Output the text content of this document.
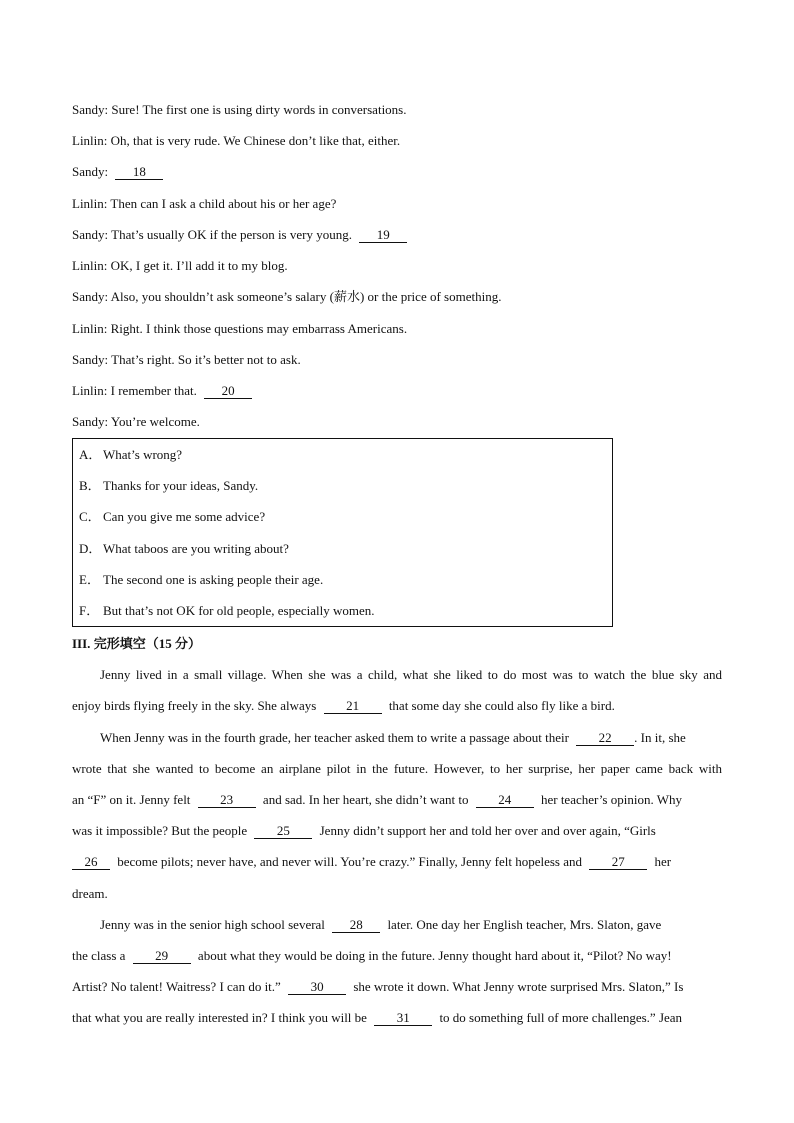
Sandy: Sure! The first one is using dirty words in conversations.
Linlin: Oh, that is very rude. We Chinese don’t like that, either.
Sandy: 18
Linlin: Then can I ask a child about his or her age?
Sandy: That’s usually OK if the person is very young. 19
Linlin: OK, I get it. I’ll add it to my blog.
Sandy: Also, you shouldn’t ask someone’s salary (薪水) or the price of something.
Linlin: Right. I think those questions may embarrass Americans.
Sandy: That’s right. So it’s better not to ask.
Linlin: I remember that. 20
Sandy: You’re welcome.
A． What’s wrong?
B． Thanks for your ideas, Sandy.
C． Can you give me some advice?
D． What taboos are you writing about?
E． The second one is asking people their age.
F． But that’s not OK for old people, especially women.
III. 完形填空（15 分）
Jenny lived in a small village. When she was a child, what she liked to do most was to watch the blue sky and
enjoy birds flying freely in the sky. She always 21 that some day she could also fly like a bird.
When Jenny was in the fourth grade, her teacher asked them to write a passage about their 22 . In it, she
wrote that she wanted to become an airplane pilot in the future. However, to her surprise, her paper came back with
an “F” on it. Jenny felt 23 and sad. In her heart, she didn’t want to 24 her teacher’s opinion. Why
was it impossible? But the people 25 Jenny didn’t support her and told her over and over again, “Girls
26 become pilots; never have, and never will. You’re crazy.” Finally, Jenny felt hopeless and 27 her
dream.
Jenny was in the senior high school several 28 later. One day her English teacher, Mrs. Slaton, gave
the class a 29 about what they would be doing in the future. Jenny thought hard about it, “Pilot? No way!
Artist? No talent! Waitress? I can do it.” 30 she wrote it down. What Jenny wrote surprised Mrs. Slaton,” Is
that what you are really interested in? I think you will be 31 to do something full of more challenges.” Jean
